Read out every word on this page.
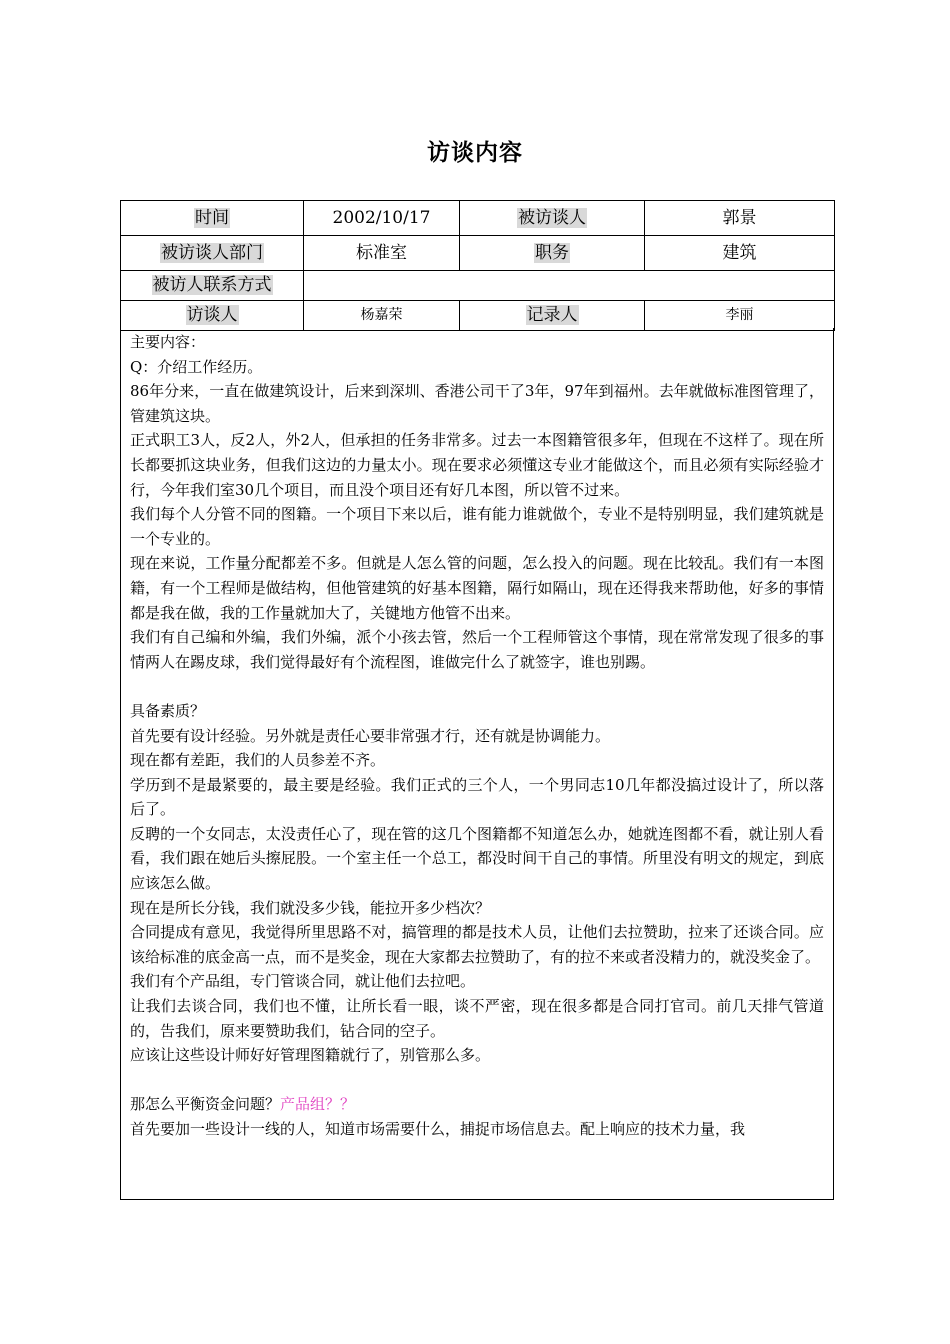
访谈内容
时间	2002/10/17	被访谈人	郭景
被访谈人部门	标准室	职务	建筑
被访人联系方式			
访谈人	杨嘉荣	记录人	李丽

主要内容：

Q：介绍工作经历。

86年分来，一直在做建筑设计，后来到深圳、香港公司干了3年，97年到福州。去年就做标准图管理了，管建筑这块。

正式职工3人，反2人，外2人，但承担的任务非常多。过去一本图籍管很多年，但现在不这样了。现在所长都要抓这块业务，但我们这边的力量太小。现在要求必须懂这专业才能做这个，而且必须有实际经验才行，今年我们室30几个项目，而且没个项目还有好几本图，所以管不过来。

我们每个人分管不同的图籍。一个项目下来以后，谁有能力谁就做个，专业不是特别明显，我们建筑就是一个专业的。

现在来说，工作量分配都差不多。但就是人怎么管的问题，怎么投入的问题。现在比较乱。我们有一本图籍，有一个工程师是做结构，但他管建筑的好基本图籍，隔行如隔山，现在还得我来帮助他，好多的事情都是我在做，我的工作量就加大了，关键地方他管不出来。

我们有自己编和外编，我们外编，派个小孩去管，然后一个工程师管这个事情，现在常常发现了很多的事情两人在踢皮球，我们觉得最好有个流程图，谁做完什么了就签字，谁也别踢。

具备素质？

首先要有设计经验。另外就是责任心要非常强才行，还有就是协调能力。

现在都有差距，我们的人员参差不齐。

学历到不是最紧要的，最主要是经验。我们正式的三个人，一个男同志10几年都没搞过设计了，所以落后了。

反聘的一个女同志，太没责任心了，现在管的这几个图籍都不知道怎么办，她就连图都不看，就让别人看看，我们跟在她后头擦屁股。一个室主任一个总工，都没时间干自己的事情。所里没有明文的规定，到底应该怎么做。

现在是所长分钱，我们就没多少钱，能拉开多少档次？

合同提成有意见，我觉得所里思路不对，搞管理的都是技术人员，让他们去拉赞助，拉来了还谈合同。应该给标准的底金高一点，而不是奖金，现在大家都去拉赞助了，有的拉不来或者没精力的，就没奖金了。

我们有个产品组，专门管谈合同，就让他们去拉吧。

让我们去谈合同，我们也不懂，让所长看一眼，谈不严密，现在很多都是合同打官司。前几天排气管道的，告我们，原来要赞助我们，钻合同的空子。

应该让这些设计师好好管理图籍就行了，别管那么多。

那怎么平衡资金问题？产品组？？

首先要加一些设计一线的人，知道市场需要什么，捕捉市场信息去。配上响应的技术力量，我
